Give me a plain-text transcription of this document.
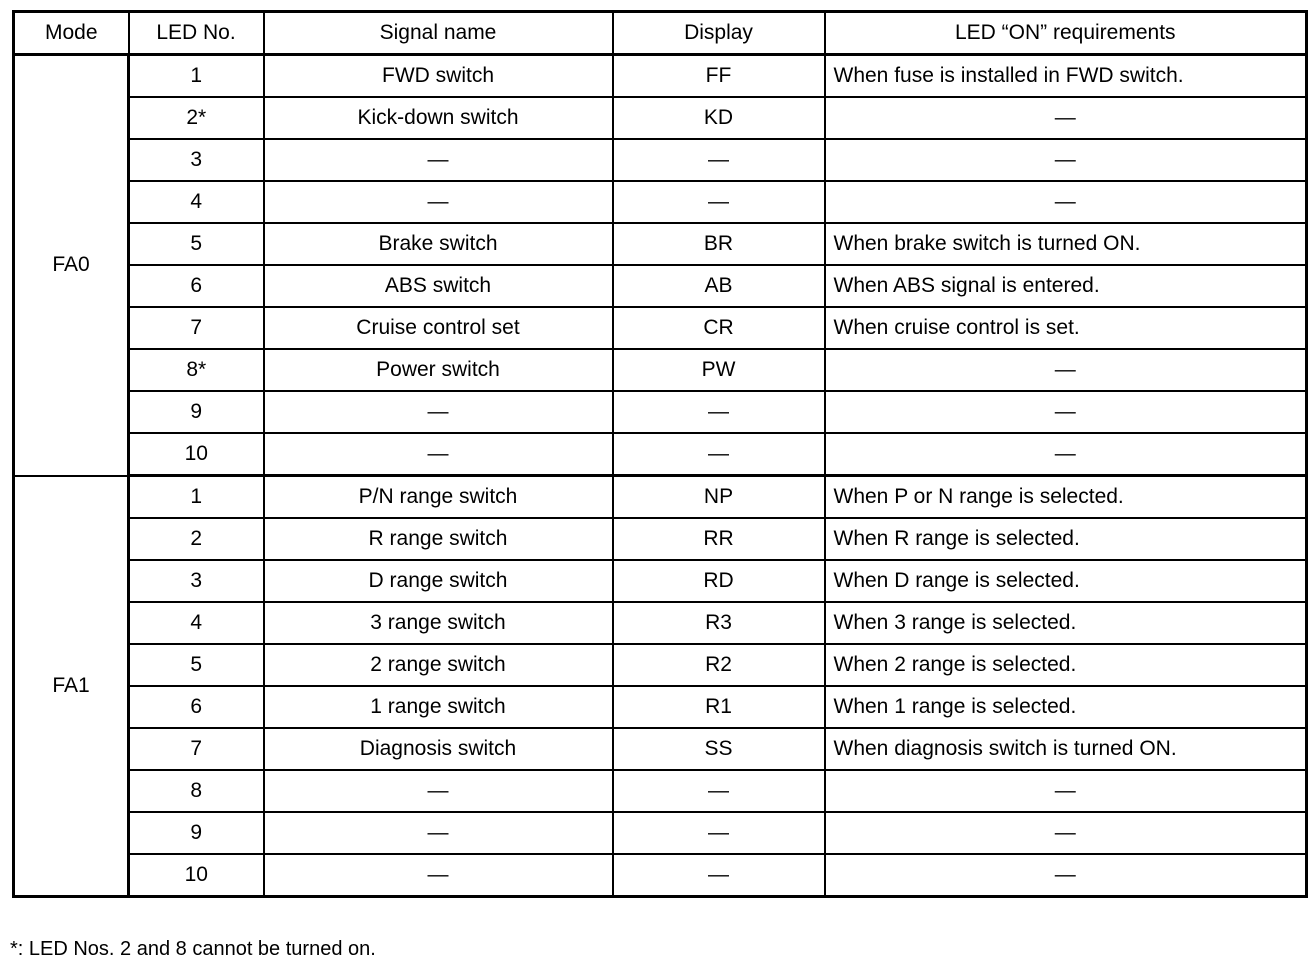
Mode	LED No.	Signal name	Display	LED “ON” requirements
FA0	1	FWD switch	FF	When fuse is installed in FWD switch.
	2*	Kick-down switch	KD	—
	3	—	—	—
	4	—	—	—
	5	Brake switch	BR	When brake switch is turned ON.
	6	ABS switch	AB	When ABS signal is entered.
	7	Cruise control set	CR	When cruise control is set.
	8*	Power switch	PW	—
	9	—	—	—
	10	—	—	—
FA1	1	P/N range switch	NP	When P or N range is selected.
	2	R range switch	RR	When R range is selected.
	3	D range switch	RD	When D range is selected.
	4	3 range switch	R3	When 3 range is selected.
	5	2 range switch	R2	When 2 range is selected.
	6	1 range switch	R1	When 1 range is selected.
	7	Diagnosis switch	SS	When diagnosis switch is turned ON.
	8	—	—	—
	9	—	—	—
	10	—	—	—
*: LED Nos. 2 and 8 cannot be turned on.
